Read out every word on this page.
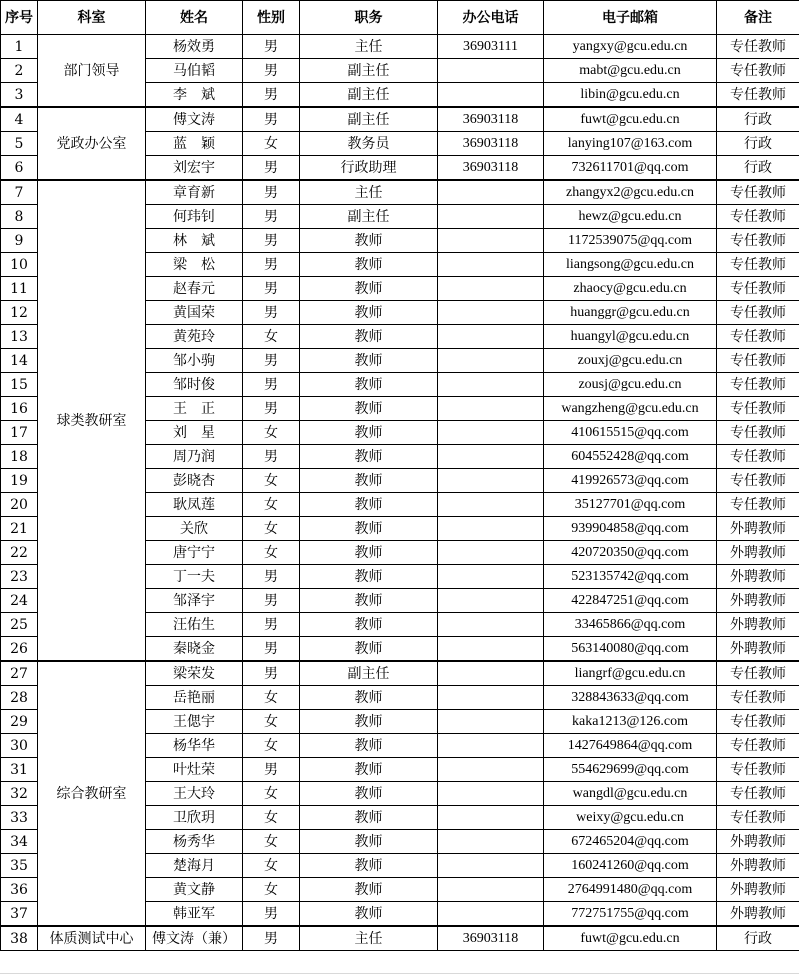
序号	科室	姓名	性别	职务	办公电话	电子邮箱	备注
1	部门领导	杨效勇	男	主任	36903111	yangxy@gcu.edu.cn	专任教师
2		马伯韬	男	副主任		mabt@gcu.edu.cn	专任教师
3		李　斌	男	副主任		libin@gcu.edu.cn	专任教师
4	党政办公室	傅文涛	男	副主任	36903118	fuwt@gcu.edu.cn	行政
5		蓝　颖	女	教务员	36903118	lanying107@163.com	行政
6		刘宏宇	男	行政助理	36903118	732611701@qq.com	行政
7	球类教研室	章育新	男	主任		zhangyx2@gcu.edu.cn	专任教师
8		何玮钊	男	副主任		hewz@gcu.edu.cn	专任教师
9		林　斌	男	教师		1172539075@qq.com	专任教师
10		梁　松	男	教师		liangsong@gcu.edu.cn	专任教师
11		赵春元	男	教师		zhaocy@gcu.edu.cn	专任教师
12		黄国荣	男	教师		huanggr@gcu.edu.cn	专任教师
13		黄苑玲	女	教师		huangyl@gcu.edu.cn	专任教师
14		邹小驹	男	教师		zouxj@gcu.edu.cn	专任教师
15		邹时俊	男	教师		zousj@gcu.edu.cn	专任教师
16		王　正	男	教师		wangzheng@gcu.edu.cn	专任教师
17		刘　星	女	教师		410615515@qq.com	专任教师
18		周乃润	男	教师		604552428@qq.com	专任教师
19		彭晓杏	女	教师		419926573@qq.com	专任教师
20		耿凤莲	女	教师		35127701@qq.com	专任教师
21		关欣	女	教师		939904858@qq.com	外聘教师
22		唐宁宁	女	教师		420720350@qq.com	外聘教师
23		丁一夫	男	教师		523135742@qq.com	外聘教师
24		邹泽宇	男	教师		422847251@qq.com	外聘教师
25		汪佑生	男	教师		33465866@qq.com	外聘教师
26		秦晓金	男	教师		563140080@qq.com	外聘教师
27	综合教研室	梁荣发	男	副主任		liangrf@gcu.edu.cn	专任教师
28		岳艳丽	女	教师		328843633@qq.com	专任教师
29		王偲宇	女	教师		kaka1213@126.com	专任教师
30		杨华华	女	教师		1427649864@qq.com	专任教师
31		叶灶荣	男	教师		554629699@qq.com	专任教师
32		王大玲	女	教师		wangdl@gcu.edu.cn	专任教师
33		卫欣玥	女	教师		weixy@gcu.edu.cn	专任教师
34		杨秀华	女	教师		672465204@qq.com	外聘教师
35		楚海月	女	教师		160241260@qq.com	外聘教师
36		黄文静	女	教师		2764991480@qq.com	外聘教师
37		韩亚军	男	教师		772751755@qq.com	外聘教师
38	体质测试中心	傅文涛（兼）	男	主任	36903118	fuwt@gcu.edu.cn	行政
